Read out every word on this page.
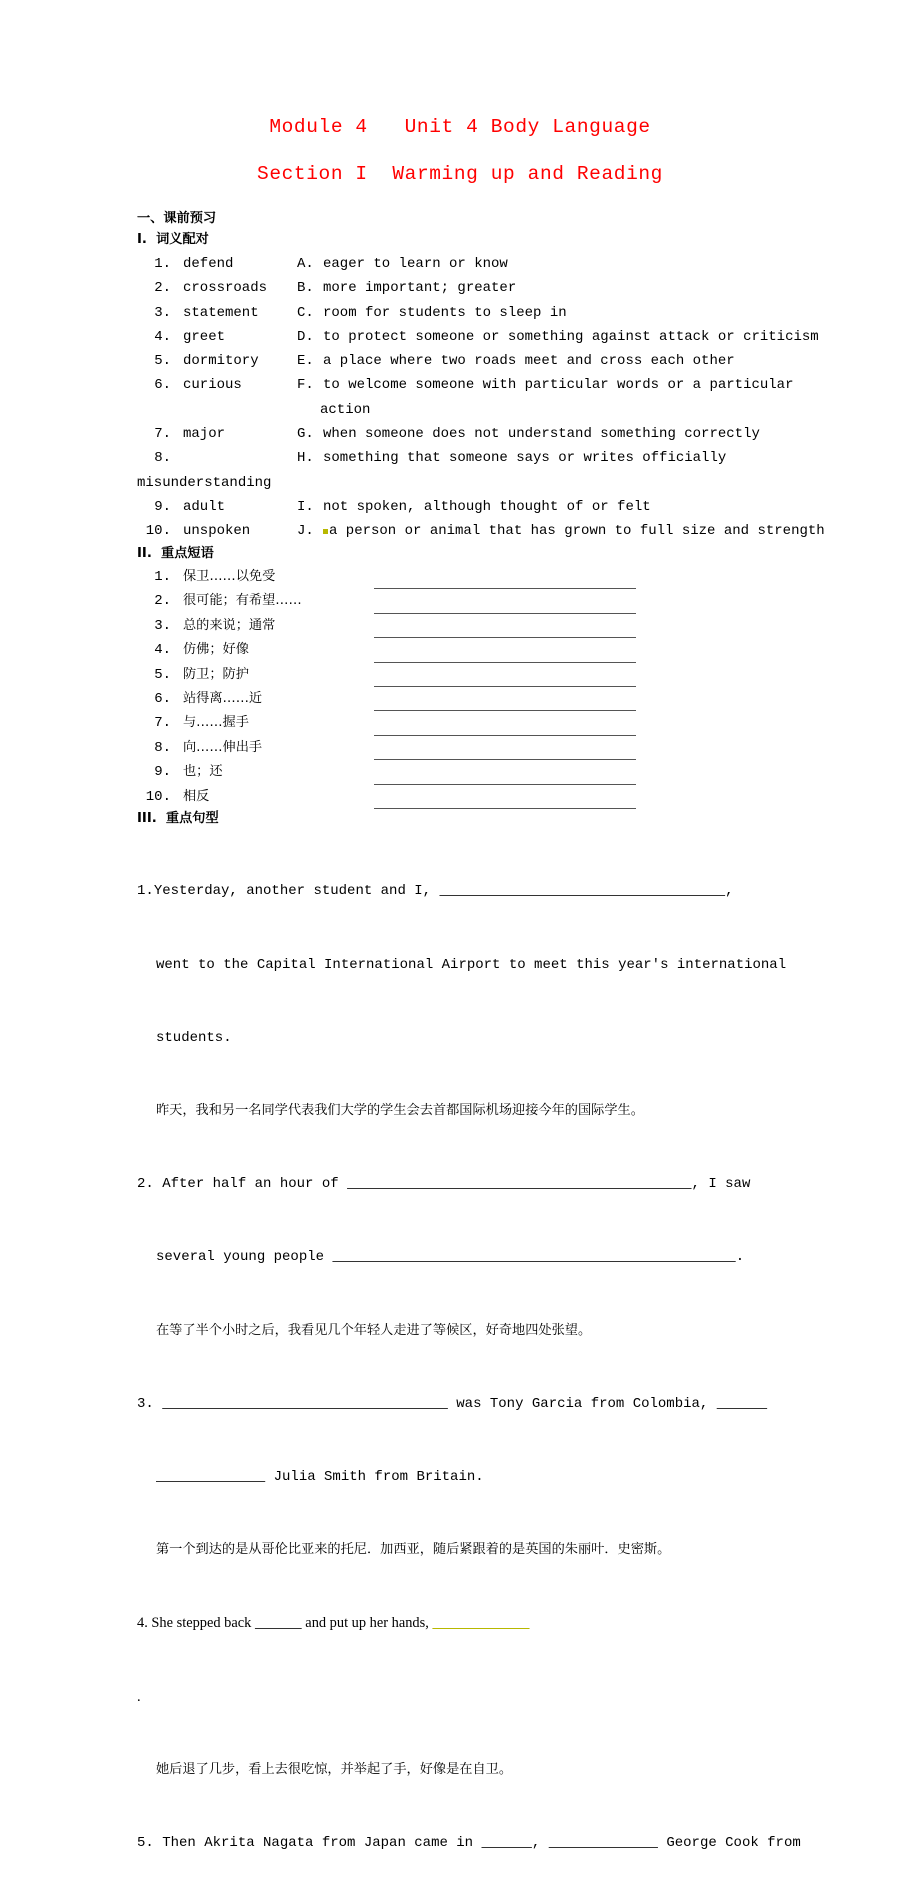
Module 4   Unit 4 Body Language
Section I  Warming up and Reading
一、课前预习
I.  词义配对
1. defend	A. eager to learn or know
2. crossroads	B. more important; greater
3. statement	C. room for students to sleep in
4. greet	D. to protect someone or something against attack or criticism
5. dormitory	E. a place where two roads meet and cross each other
6. curious	F. to welcome someone with particular words or a particular
action
7. major	G. when someone does not understand something correctly
8.	H. something that someone says or writes officially
misunderstanding
9. adult	I. not spoken, although thought of or felt
10. unspoken	J.	a person or animal that has grown to full size and strength
II.  重点短语
1. 保卫……以免受
2. 很可能；有希望……
3. 总的来说；通常
4. 仿佛；好像
5. 防卫；防护
6. 站得离……近
7. 与……握手
8. 向……伸出手
9. 也；还
10. 相反
III.  重点句型

1.Yesterday, another student and I,	,

went to the Capital International Airport to meet this year's international

students.

昨天，我和另一名同学代表我们大学的学生会去首都国际机场迎接今年的国际学生。

2. After half an hour of	, I saw

several young people	.

在等了半个小时之后，我看见几个年轻人走进了等候区，好奇地四处张望。

3.	was Tony Garcia from Colombia,

Julia Smith from Britain.

第一个到达的是从哥伦比亚来的托尼．加西亚，随后紧跟着的是英国的朱丽叶．史密斯。

4. She stepped back	and put up her hands,

.

她后退了几步，看上去很吃惊，并举起了手，好像是在自卫。

5. Then Akrita Nagata from Japan came in	,	George Cook from
